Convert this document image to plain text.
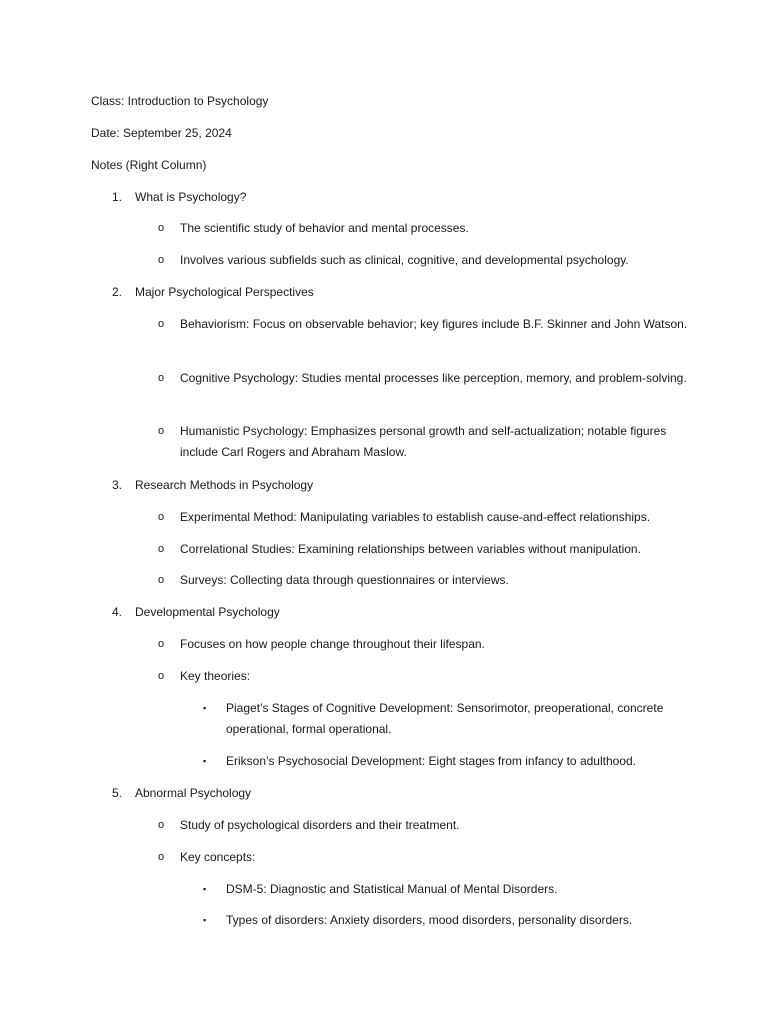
Class: Introduction to Psychology
Date: September 25, 2024
Notes (Right Column)
1. What is Psychology?
o	The scientific study of behavior and mental processes.
o	Involves various subfields such as clinical, cognitive, and developmental psychology.
2. Major Psychological Perspectives
o	Behaviorism: Focus on observable behavior; key figures include B.F. Skinner and John Watson.
o	Cognitive Psychology: Studies mental processes like perception, memory, and problem-solving.
o	Humanistic Psychology: Emphasizes personal growth and self-actualization; notable figures include Carl Rogers and Abraham Maslow.
3. Research Methods in Psychology
o	Experimental Method: Manipulating variables to establish cause-and-effect relationships.
o	Correlational Studies: Examining relationships between variables without manipulation.
o	Surveys: Collecting data through questionnaires or interviews.
4. Developmental Psychology
o	Focuses on how people change throughout their lifespan.
o	Key theories:
▪	Piaget’s Stages of Cognitive Development: Sensorimotor, preoperational, concrete operational, formal operational.
▪	Erikson’s Psychosocial Development: Eight stages from infancy to adulthood.
5. Abnormal Psychology
o	Study of psychological disorders and their treatment.
o	Key concepts:
▪	DSM-5: Diagnostic and Statistical Manual of Mental Disorders.
▪	Types of disorders: Anxiety disorders, mood disorders, personality disorders.
